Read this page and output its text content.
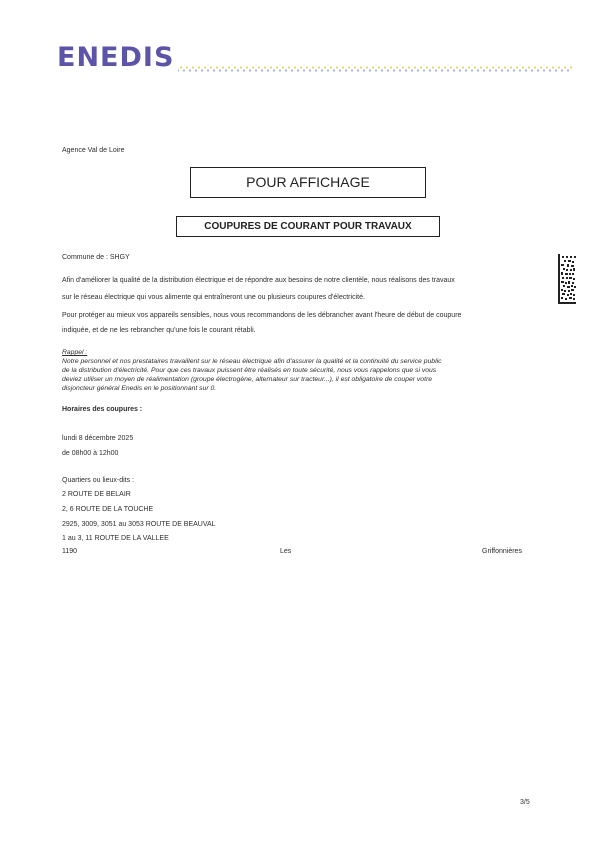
ENEDIS
Agence Val de Loire
POUR AFFICHAGE
COUPURES DE COURANT POUR TRAVAUX
Commune de : SHGY
Afin d'améliorer la qualité de la distribution électrique et de répondre aux besoins de notre clientèle, nous réalisons des travaux
sur le réseau électrique qui vous alimente qui entraîneront une ou plusieurs coupures d'électricité.
Pour protéger au mieux vos appareils sensibles, nous vous recommandons de les débrancher avant l'heure de début de coupure
indiquée, et de ne les rebrancher qu'une fois le courant rétabli.
Rappel :
Notre personnel et nos prestataires travaillent sur le réseau électrique afin d'assurer la qualité et la continuité du service public
de la distribution d'électricité. Pour que ces travaux puissent être réalisés en toute sécurité, nous vous rappelons que si vous
deviez utiliser un moyen de réalimentation (groupe électrogène, alternateur sur tracteur...), il est obligatoire de couper votre
disjoncteur général Enedis en le positionnant sur 0.
Horaires des coupures :
lundi 8 décembre 2025
de 08h00 à 12h00
Quartiers ou lieux-dits :
2 ROUTE DE BELAIR
2, 6 ROUTE DE LA TOUCHE
2925, 3009, 3051 au 3053 ROUTE DE BEAUVAL
1 au 3, 11 ROUTE DE LA VALLEE
1190	Les	Griffonnières
3/5
